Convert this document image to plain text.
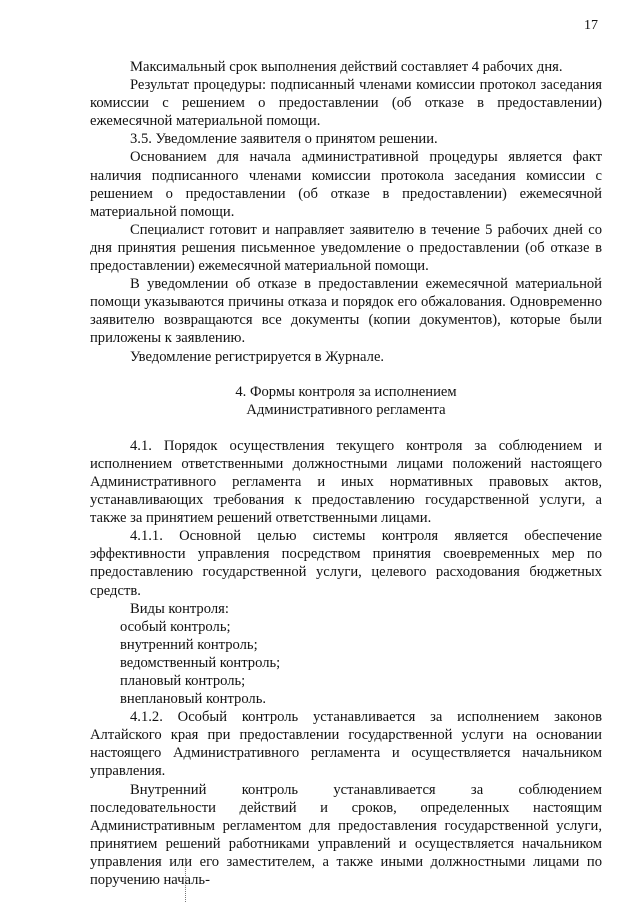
17

Максимальный срок выполнения действий составляет 4 рабочих дня.

Результат процедуры: подписанный членами комиссии протокол заседания комиссии с решением о предоставлении (об отказе в предоставлении) ежемесячной материальной помощи.

3.5. Уведомление заявителя о принятом решении.

Основанием для начала административной процедуры является факт наличия подписанного членами комиссии протокола заседания комиссии с решением о предоставлении (об отказе в предоставлении) ежемесячной материальной помощи.

Специалист готовит и направляет заявителю в течение 5 рабочих дней со дня принятия решения письменное уведомление о предоставлении (об отказе в предоставлении) ежемесячной материальной помощи.

В уведомлении об отказе в предоставлении ежемесячной материальной помощи указываются причины отказа и порядок его обжалования. Одновременно заявителю возвращаются все документы (копии документов), которые были приложены к заявлению.

Уведомление регистрируется в Журнале.

4. Формы контроля за исполнением
Административного регламента

4.1. Порядок осуществления текущего контроля за соблюдением и исполнением ответственными должностными лицами положений настоящего Административного регламента и иных нормативных правовых актов, устанавливающих требования к предоставлению государственной услуги, а также за принятием решений ответственными лицами.

4.1.1. Основной целью системы контроля является обеспечение эффективности управления посредством принятия своевременных мер по предоставлению государственной услуги, целевого расходования бюджетных средств.

Виды контроля:

особый контроль;
внутренний контроль;
ведомственный контроль;
плановый контроль;
внеплановый контроль.

4.1.2. Особый контроль устанавливается за исполнением законов Алтайского края при предоставлении государственной услуги на основании настоящего Административного регламента и осуществляется начальником управления.

Внутренний контроль устанавливается за соблюдением последовательности действий и сроков, определенных настоящим Административным регламентом для предоставления государственной услуги, принятием решений работниками управлений и осуществляется начальником управления или его заместителем, а также иными должностными лицами по поручению началь-
